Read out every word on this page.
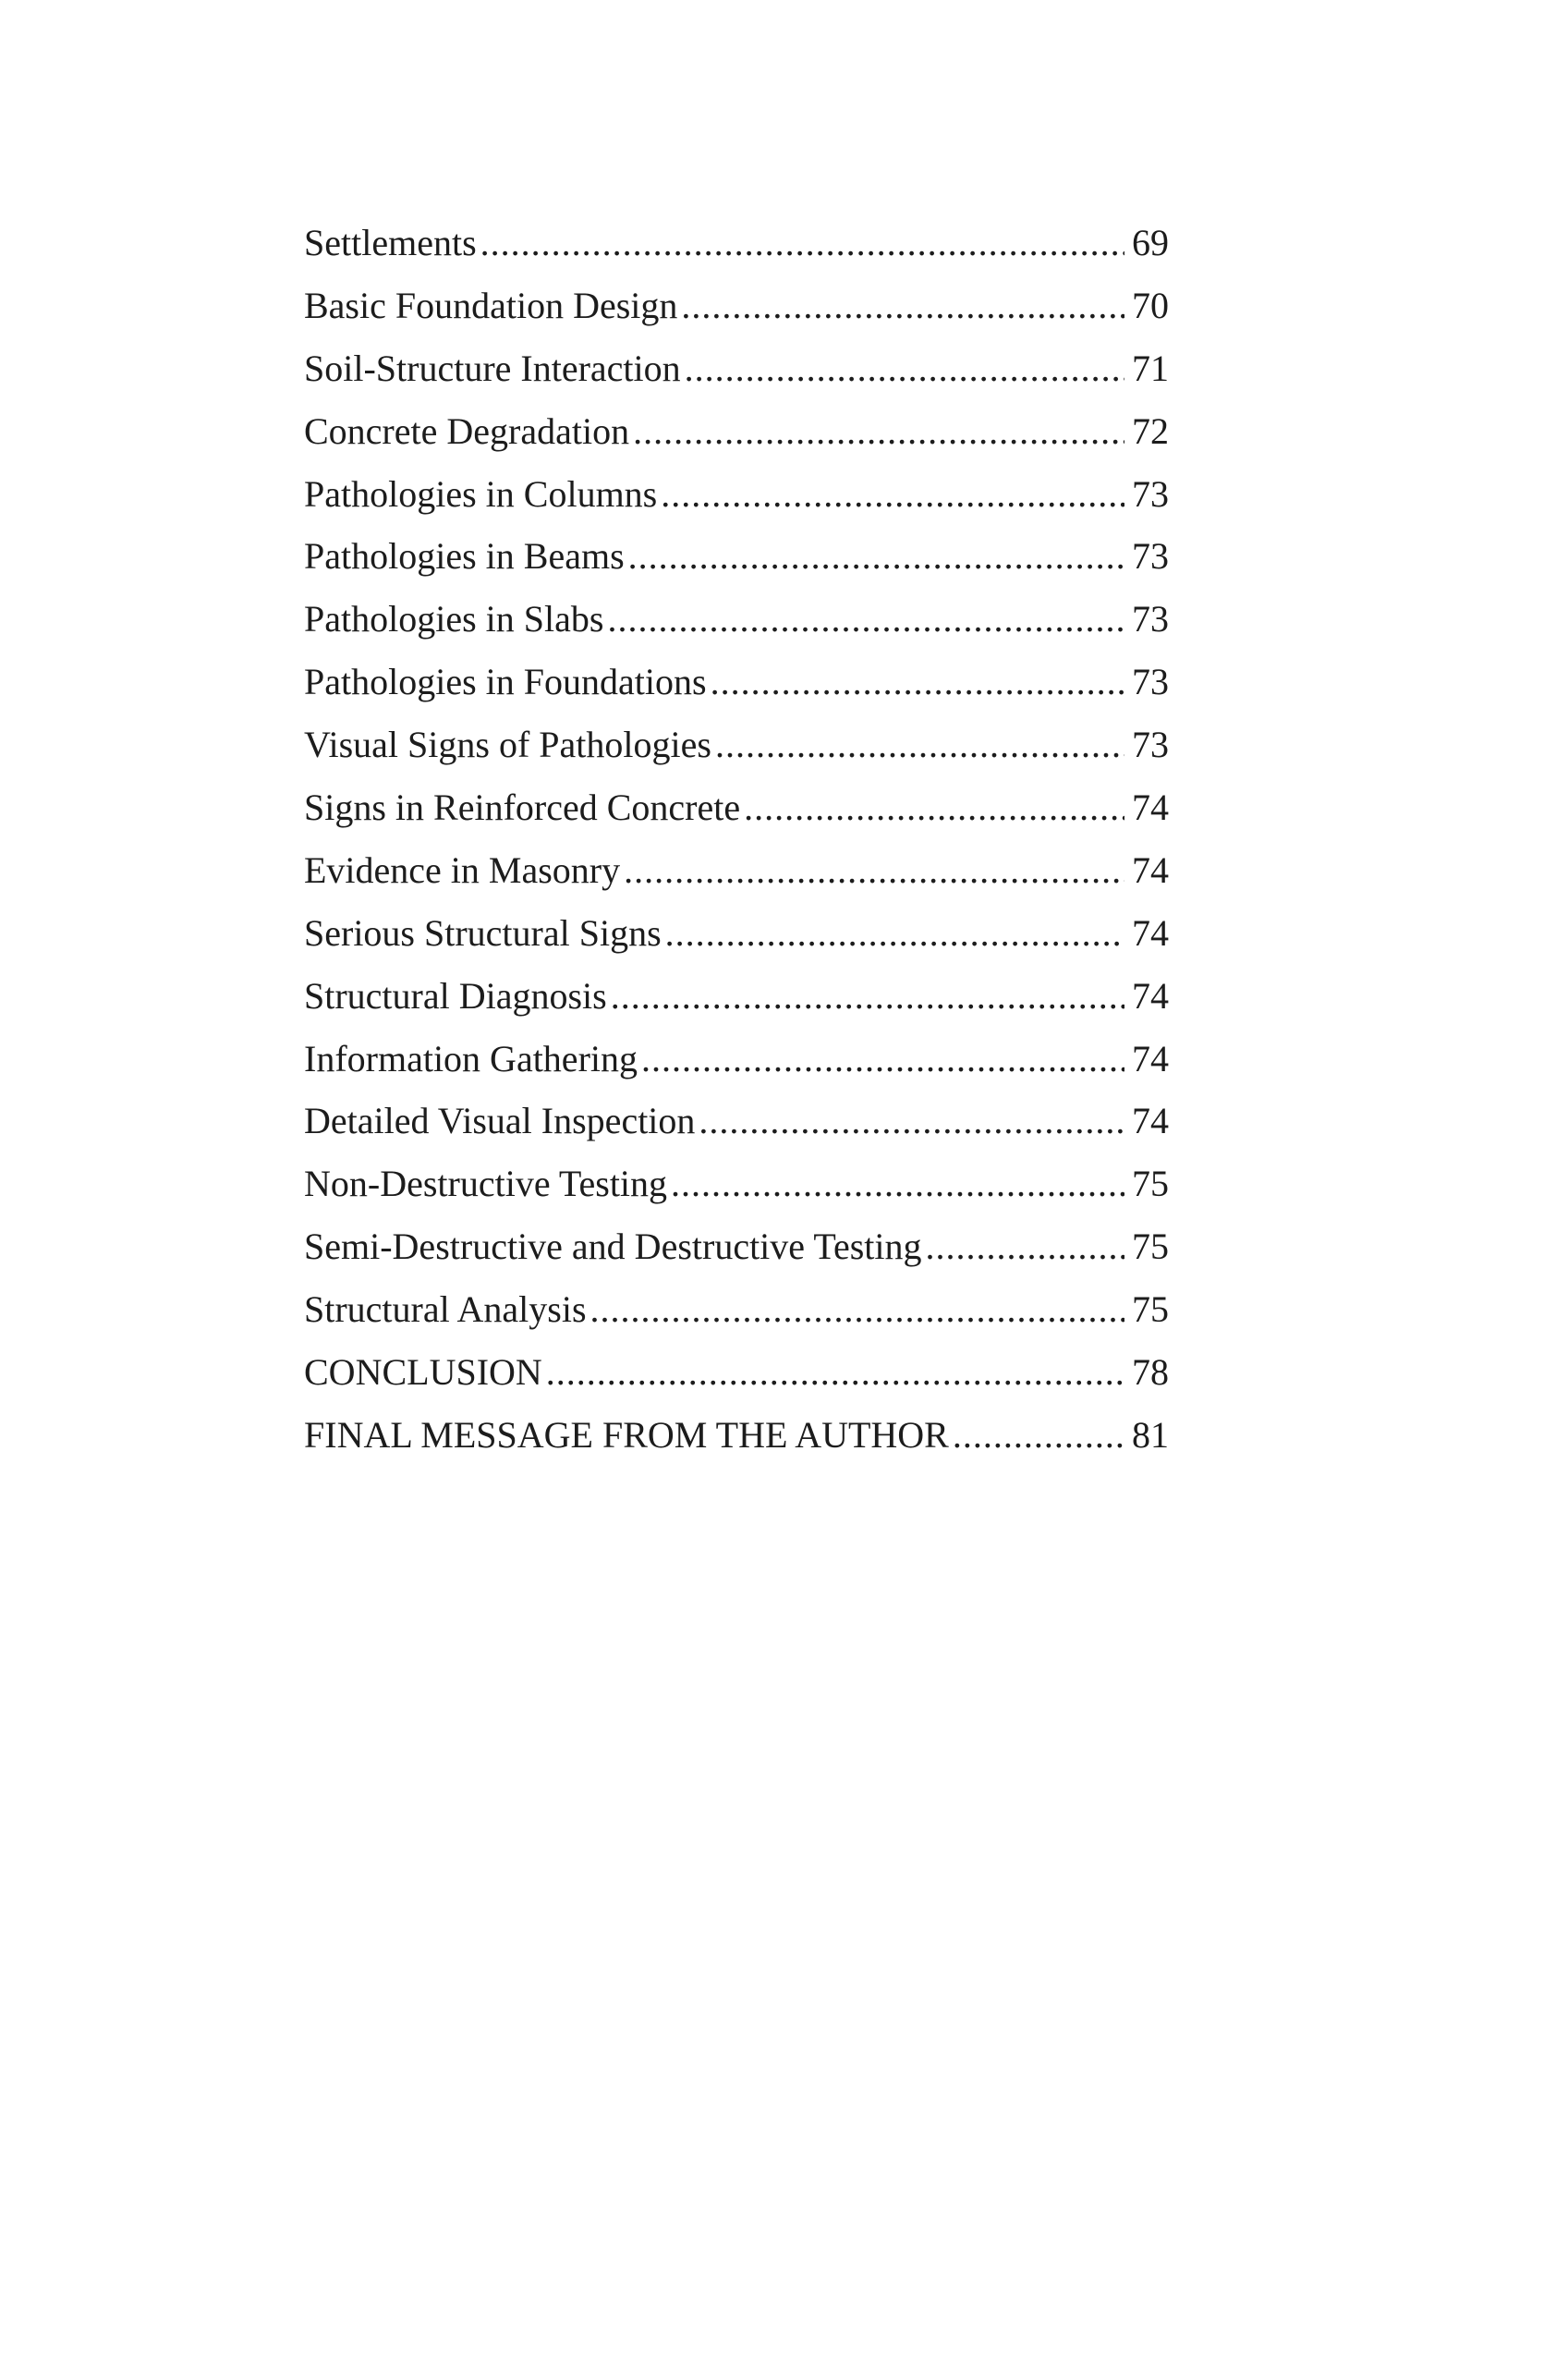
Settlements .....	69
Basic Foundation Design .....	70
Soil-Structure Interaction .....	71
Concrete Degradation .....	72
Pathologies in Columns .....	73
Pathologies in Beams .....	73
Pathologies in Slabs .....	73
Pathologies in Foundations .....	73
Visual Signs of Pathologies .....	73
Signs in Reinforced Concrete .....	74
Evidence in Masonry .....	74
Serious Structural Signs .....	74
Structural Diagnosis .....	74
Information Gathering .....	74
Detailed Visual Inspection .....	74
Non-Destructive Testing .....	75
Semi-Destructive and Destructive Testing .....	75
Structural Analysis .....	75
CONCLUSION .....	78
FINAL MESSAGE FROM THE AUTHOR .....	81
